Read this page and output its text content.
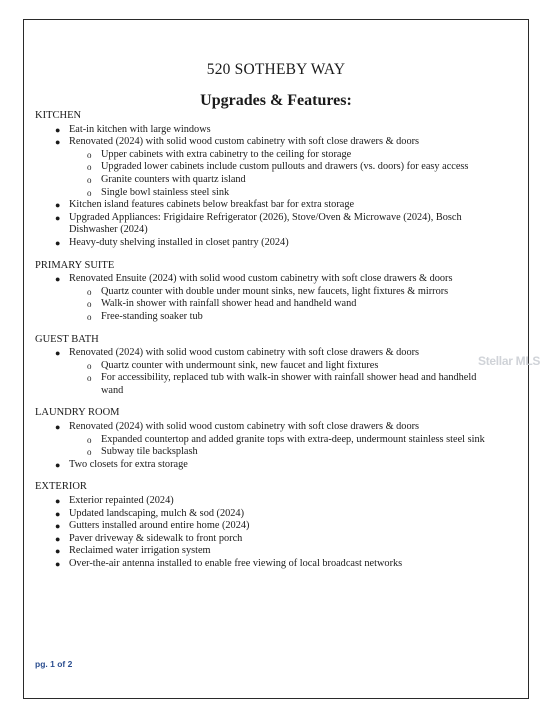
520 SOTHEBY WAY
Upgrades & Features:
KITCHEN
● Eat-in kitchen with large windows
● Renovated (2024) with solid wood custom cabinetry with soft close drawers & doors
o Upper cabinets with extra cabinetry to the ceiling for storage
o Upgraded lower cabinets include custom pullouts and drawers (vs. doors) for easy access
o Granite counters with quartz island
o Single bowl stainless steel sink
● Kitchen island features cabinets below breakfast bar for extra storage
● Upgraded Appliances: Frigidaire Refrigerator (2026), Stove/Oven & Microwave (2024), Bosch Dishwasher (2024)
● Heavy-duty shelving installed in closet pantry (2024)
PRIMARY SUITE
● Renovated Ensuite (2024) with solid wood custom cabinetry with soft close drawers & doors
o Quartz counter with double under mount sinks, new faucets, light fixtures & mirrors
o Walk-in shower with rainfall shower head and handheld wand
o Free-standing soaker tub
GUEST BATH
● Renovated (2024) with solid wood custom cabinetry with soft close drawers & doors
o Quartz counter with undermount sink, new faucet and light fixtures
o For accessibility, replaced tub with walk-in shower with rainfall shower head and handheld wand
LAUNDRY ROOM
● Renovated (2024) with solid wood custom cabinetry with soft close drawers & doors
o Expanded countertop and added granite tops with extra-deep, undermount stainless steel sink
o Subway tile backsplash
● Two closets for extra storage
EXTERIOR
● Exterior repainted (2024)
● Updated landscaping, mulch & sod (2024)
● Gutters installed around entire home (2024)
● Paver driveway & sidewalk to front porch
● Reclaimed water irrigation system
● Over-the-air antenna installed to enable free viewing of local broadcast networks
pg. 1 of 2
Stellar MLS
